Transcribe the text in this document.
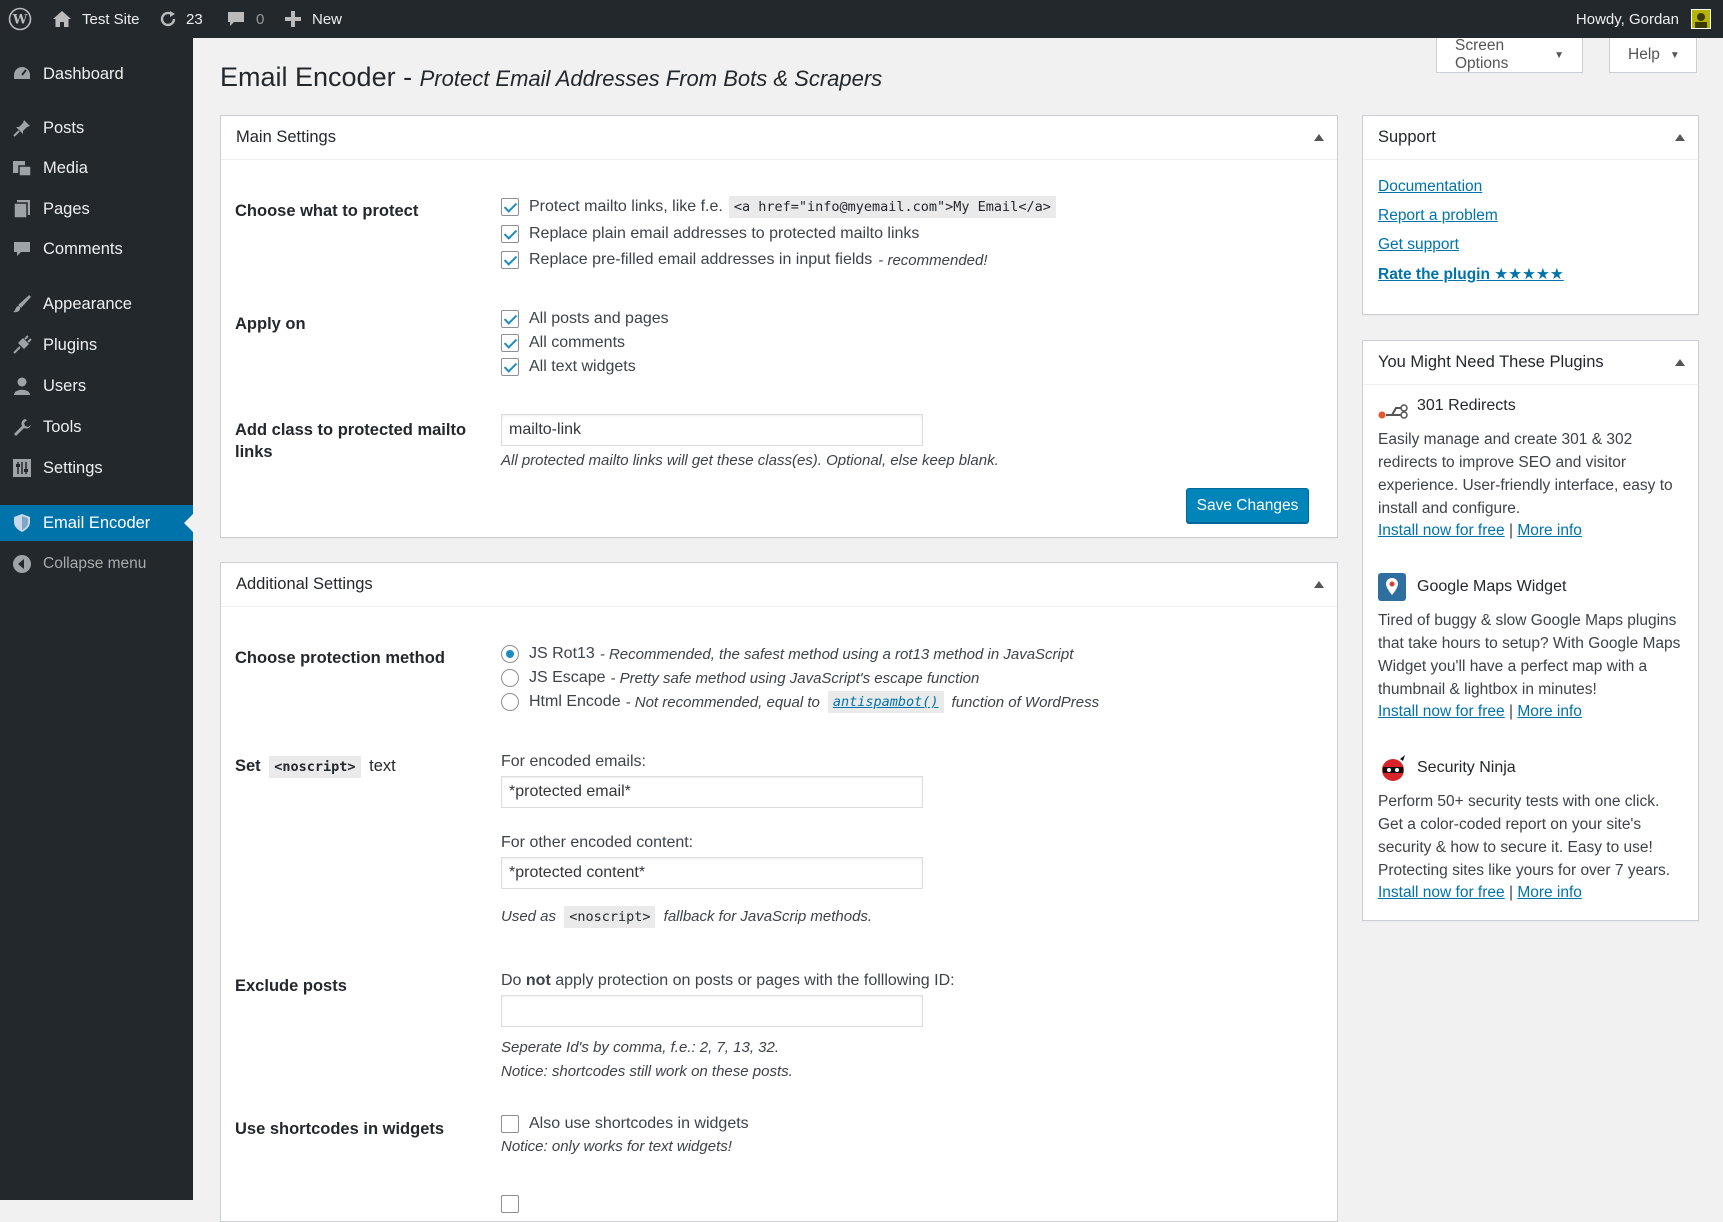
W	Test Site	23	0	New	Howdy, Gordan
Dashboard
Posts
Media
Pages
Comments
Appearance
Plugins
Users
Tools
Settings
Email Encoder
Collapse menu
Screen Options	▼	Help ▼
Email Encoder - Protect Email Addresses From Bots & Scrapers
Main Settings
Choose what to protect	Protect mailto links, like f.e. <a href="info@myemail.com">My Email</a>
Replace plain email addresses to protected mailto links
Replace pre-filled email addresses in input fields - recommended!
Apply on	All posts and pages
All comments
All text widgets
Add class to protected mailto
links
mailto-link	All protected mailto links will get these class(es). Optional, else keep blank.
Save Changes
Additional Settings
Choose protection method	JS Rot13 - Recommended, the safest method using a rot13 method in JavaScript
JS Escape - Pretty safe method using JavaScript's escape function
Html Encode - Not recommended, equal to antispambot() function of WordPress
Set <noscript> text	For encoded emails:
*protected email*
For other encoded content:
*protected content*
Used as <noscript> fallback for JavaScrip methods.
Exclude posts	Do not apply protection on posts or pages with the folllowing ID:
Seperate Id's by comma, f.e.: 2, 7, 13, 32.
Notice: shortcodes still work on these posts.
Use shortcodes in widgets	Also use shortcodes in widgets
Notice: only works for text widgets!
Support
Documentation
Report a problem
Get support
Rate the plugin ★★★★★
You Might Need These Plugins
301 Redirects
Easily manage and create 301 & 302 redirects to improve SEO and visitor experience. User-friendly interface, easy to install and configure.
Install now for free | More info
Google Maps Widget
Tired of buggy & slow Google Maps plugins that take hours to setup? With Google Maps Widget you'll have a perfect map with a thumbnail & lightbox in minutes!
Install now for free | More info
Security Ninja
Perform 50+ security tests with one click. Get a color-coded report on your site's security & how to secure it. Easy to use! Protecting sites like yours for over 7 years.
Install now for free | More info
